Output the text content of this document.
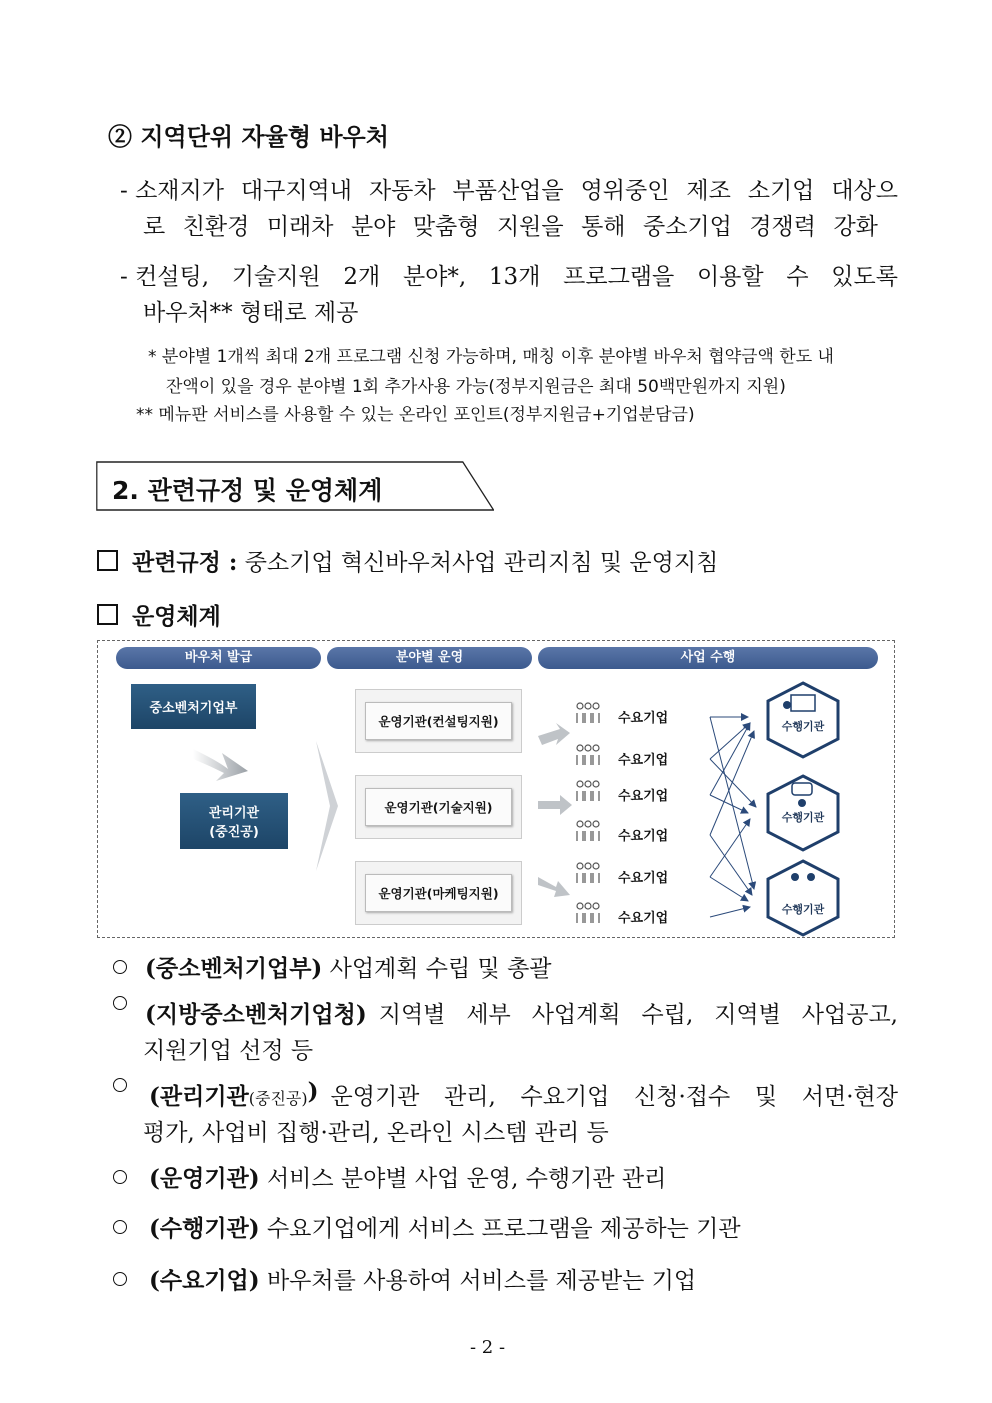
② 지역단위 자율형 바우처
- 소재지가 대구지역내 자동차 부품산업을 영위중인 제조 소기업 대상으
로 친환경 미래차 분야 맞춤형 지원을 통해 중소기업 경쟁력 강화
- 컨설팅, 기술지원 2개 분야*, 13개 프로그램을 이용할 수 있도록
바우처** 형태로 제공
* 분야별 1개씩 최대 2개 프로그램 신청 가능하며, 매칭 이후 분야별 바우처 협약금액 한도 내
잔액이 있을 경우 분야별 1회 추가사용 가능(정부지원금은 최대 50백만원까지 지원)
** 메뉴판 서비스를 사용할 수 있는 온라인 포인트(정부지원금+기업분담금)
2. 관련규정 및 운영체계
관련규정 : 중소기업 혁신바우처사업 관리지침 및 운영지침
운영체계
바우처 발급	분야별 운영	사업 수행
중소벤처기업부
관리기관
(중진공)
수행기관
수행기관
수행기관
운영기관(컨설팅지원)
운영기관(기술지원)
운영기관(마케팅지원)
수요기업
수요기업
수요기업
수요기업
수요기업
수요기업
(중소벤처기업부) 사업계획 수립 및 총괄
(지방중소벤처기업청) 지역별 세부 사업계획 수립, 지역별 사업공고,
지원기업 선정 등
(관리기관 (중진공) ) 운영기관 관리, 수요기업 신청·접수 및 서면·현장
평가, 사업비 집행·관리, 온라인 시스템 관리 등
(운영기관) 서비스 분야별 사업 운영, 수행기관 관리
(수행기관) 수요기업에게 서비스 프로그램을 제공하는 기관
(수요기업) 바우처를 사용하여 서비스를 제공받는 기업
- 2 -
